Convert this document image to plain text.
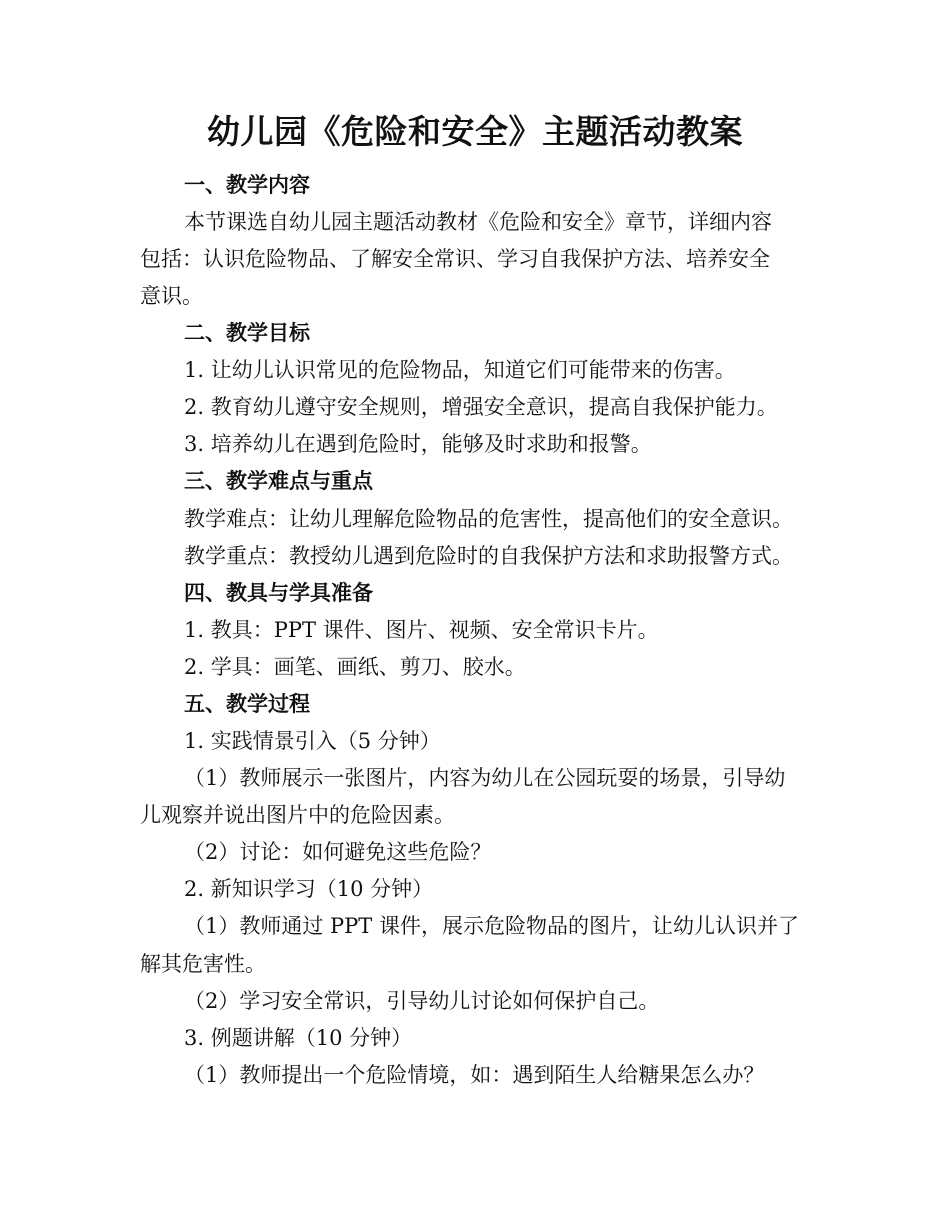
幼儿园《危险和安全》主题活动教案
一、教学内容
本节课选自幼儿园主题活动教材《危险和安全》章节，详细内容
包括：认识危险物品、了解安全常识、学习自我保护方法、培养安全
意识。
二、教学目标
1. 让幼儿认识常见的危险物品，知道它们可能带来的伤害。
2. 教育幼儿遵守安全规则，增强安全意识，提高自我保护能力。
3. 培养幼儿在遇到危险时，能够及时求助和报警。
三、教学难点与重点
教学难点：让幼儿理解危险物品的危害性，提高他们的安全意识。
教学重点：教授幼儿遇到危险时的自我保护方法和求助报警方式。
四、教具与学具准备
1. 教具：PPT 课件、图片、视频、安全常识卡片。
2. 学具：画笔、画纸、剪刀、胶水。
五、教学过程
1. 实践情景引入（5 分钟）
（1）教师展示一张图片，内容为幼儿在公园玩耍的场景，引导幼
儿观察并说出图片中的危险因素。
（2）讨论：如何避免这些危险？
2. 新知识学习（10 分钟）
（1）教师通过 PPT 课件，展示危险物品的图片，让幼儿认识并了
解其危害性。
（2）学习安全常识，引导幼儿讨论如何保护自己。
3. 例题讲解（10 分钟）
（1）教师提出一个危险情境，如：遇到陌生人给糖果怎么办？
